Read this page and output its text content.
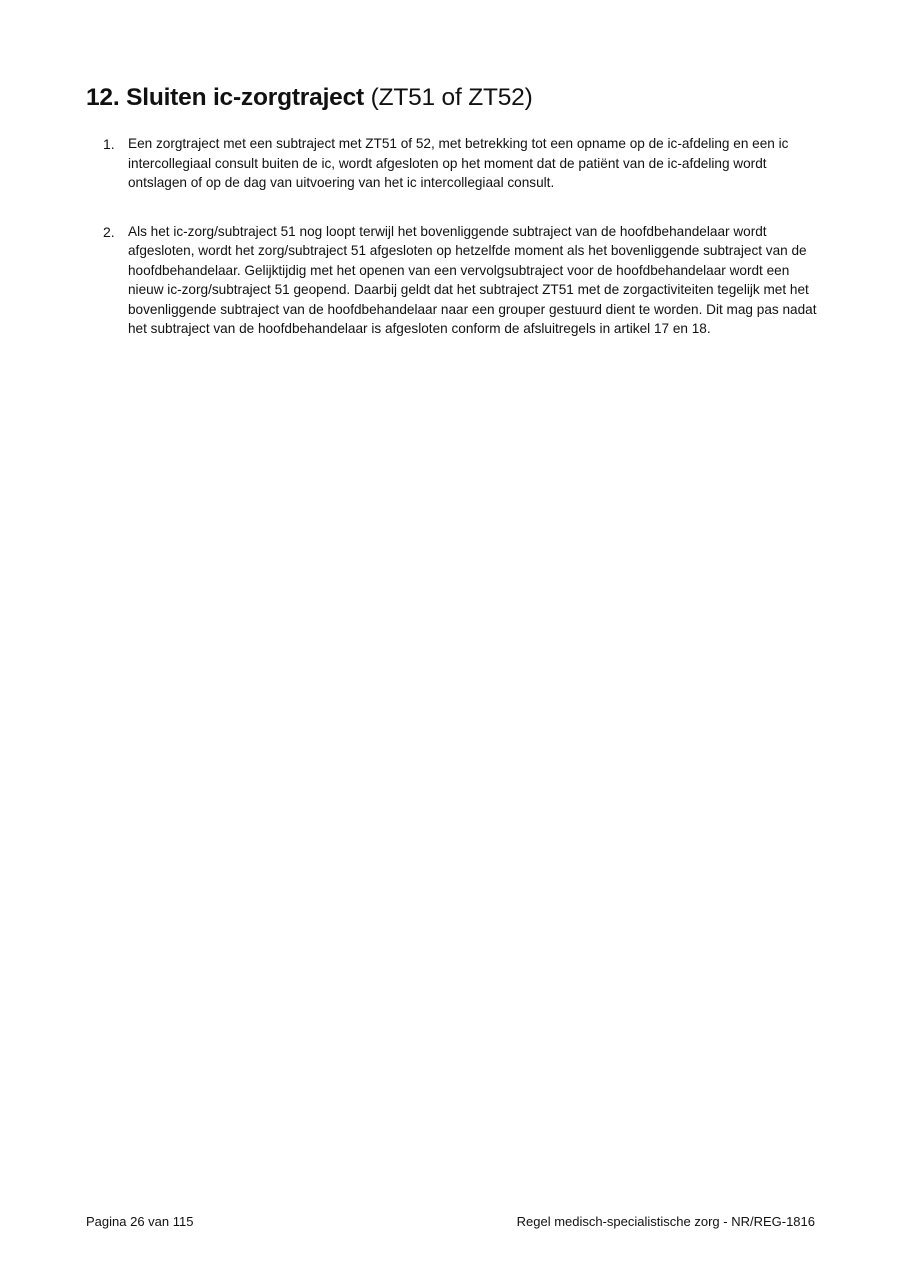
12. Sluiten ic-zorgtraject (ZT51 of ZT52)
1. Een zorgtraject met een subtraject met ZT51 of 52, met betrekking tot een opname op de ic-afdeling en een ic intercollegiaal consult buiten de ic, wordt afgesloten op het moment dat de patiënt van de ic-afdeling wordt ontslagen of op de dag van uitvoering van het ic intercollegiaal consult.
2. Als het ic-zorg/subtraject 51 nog loopt terwijl het bovenliggende subtraject van de hoofdbehandelaar wordt afgesloten, wordt het zorg/subtraject 51 afgesloten op hetzelfde moment als het bovenliggende subtraject van de hoofdbehandelaar. Gelijktijdig met het openen van een vervolgsubtraject voor de hoofdbehandelaar wordt een nieuw ic-zorg/subtraject 51 geopend. Daarbij geldt dat het subtraject ZT51 met de zorgactiviteiten tegelijk met het bovenliggende subtraject van de hoofdbehandelaar naar een grouper gestuurd dient te worden. Dit mag pas nadat het subtraject van de hoofdbehandelaar is afgesloten conform de afsluitregels in artikel 17 en 18.
Pagina 26 van 115	Regel medisch-specialistische zorg - NR/REG-1816
